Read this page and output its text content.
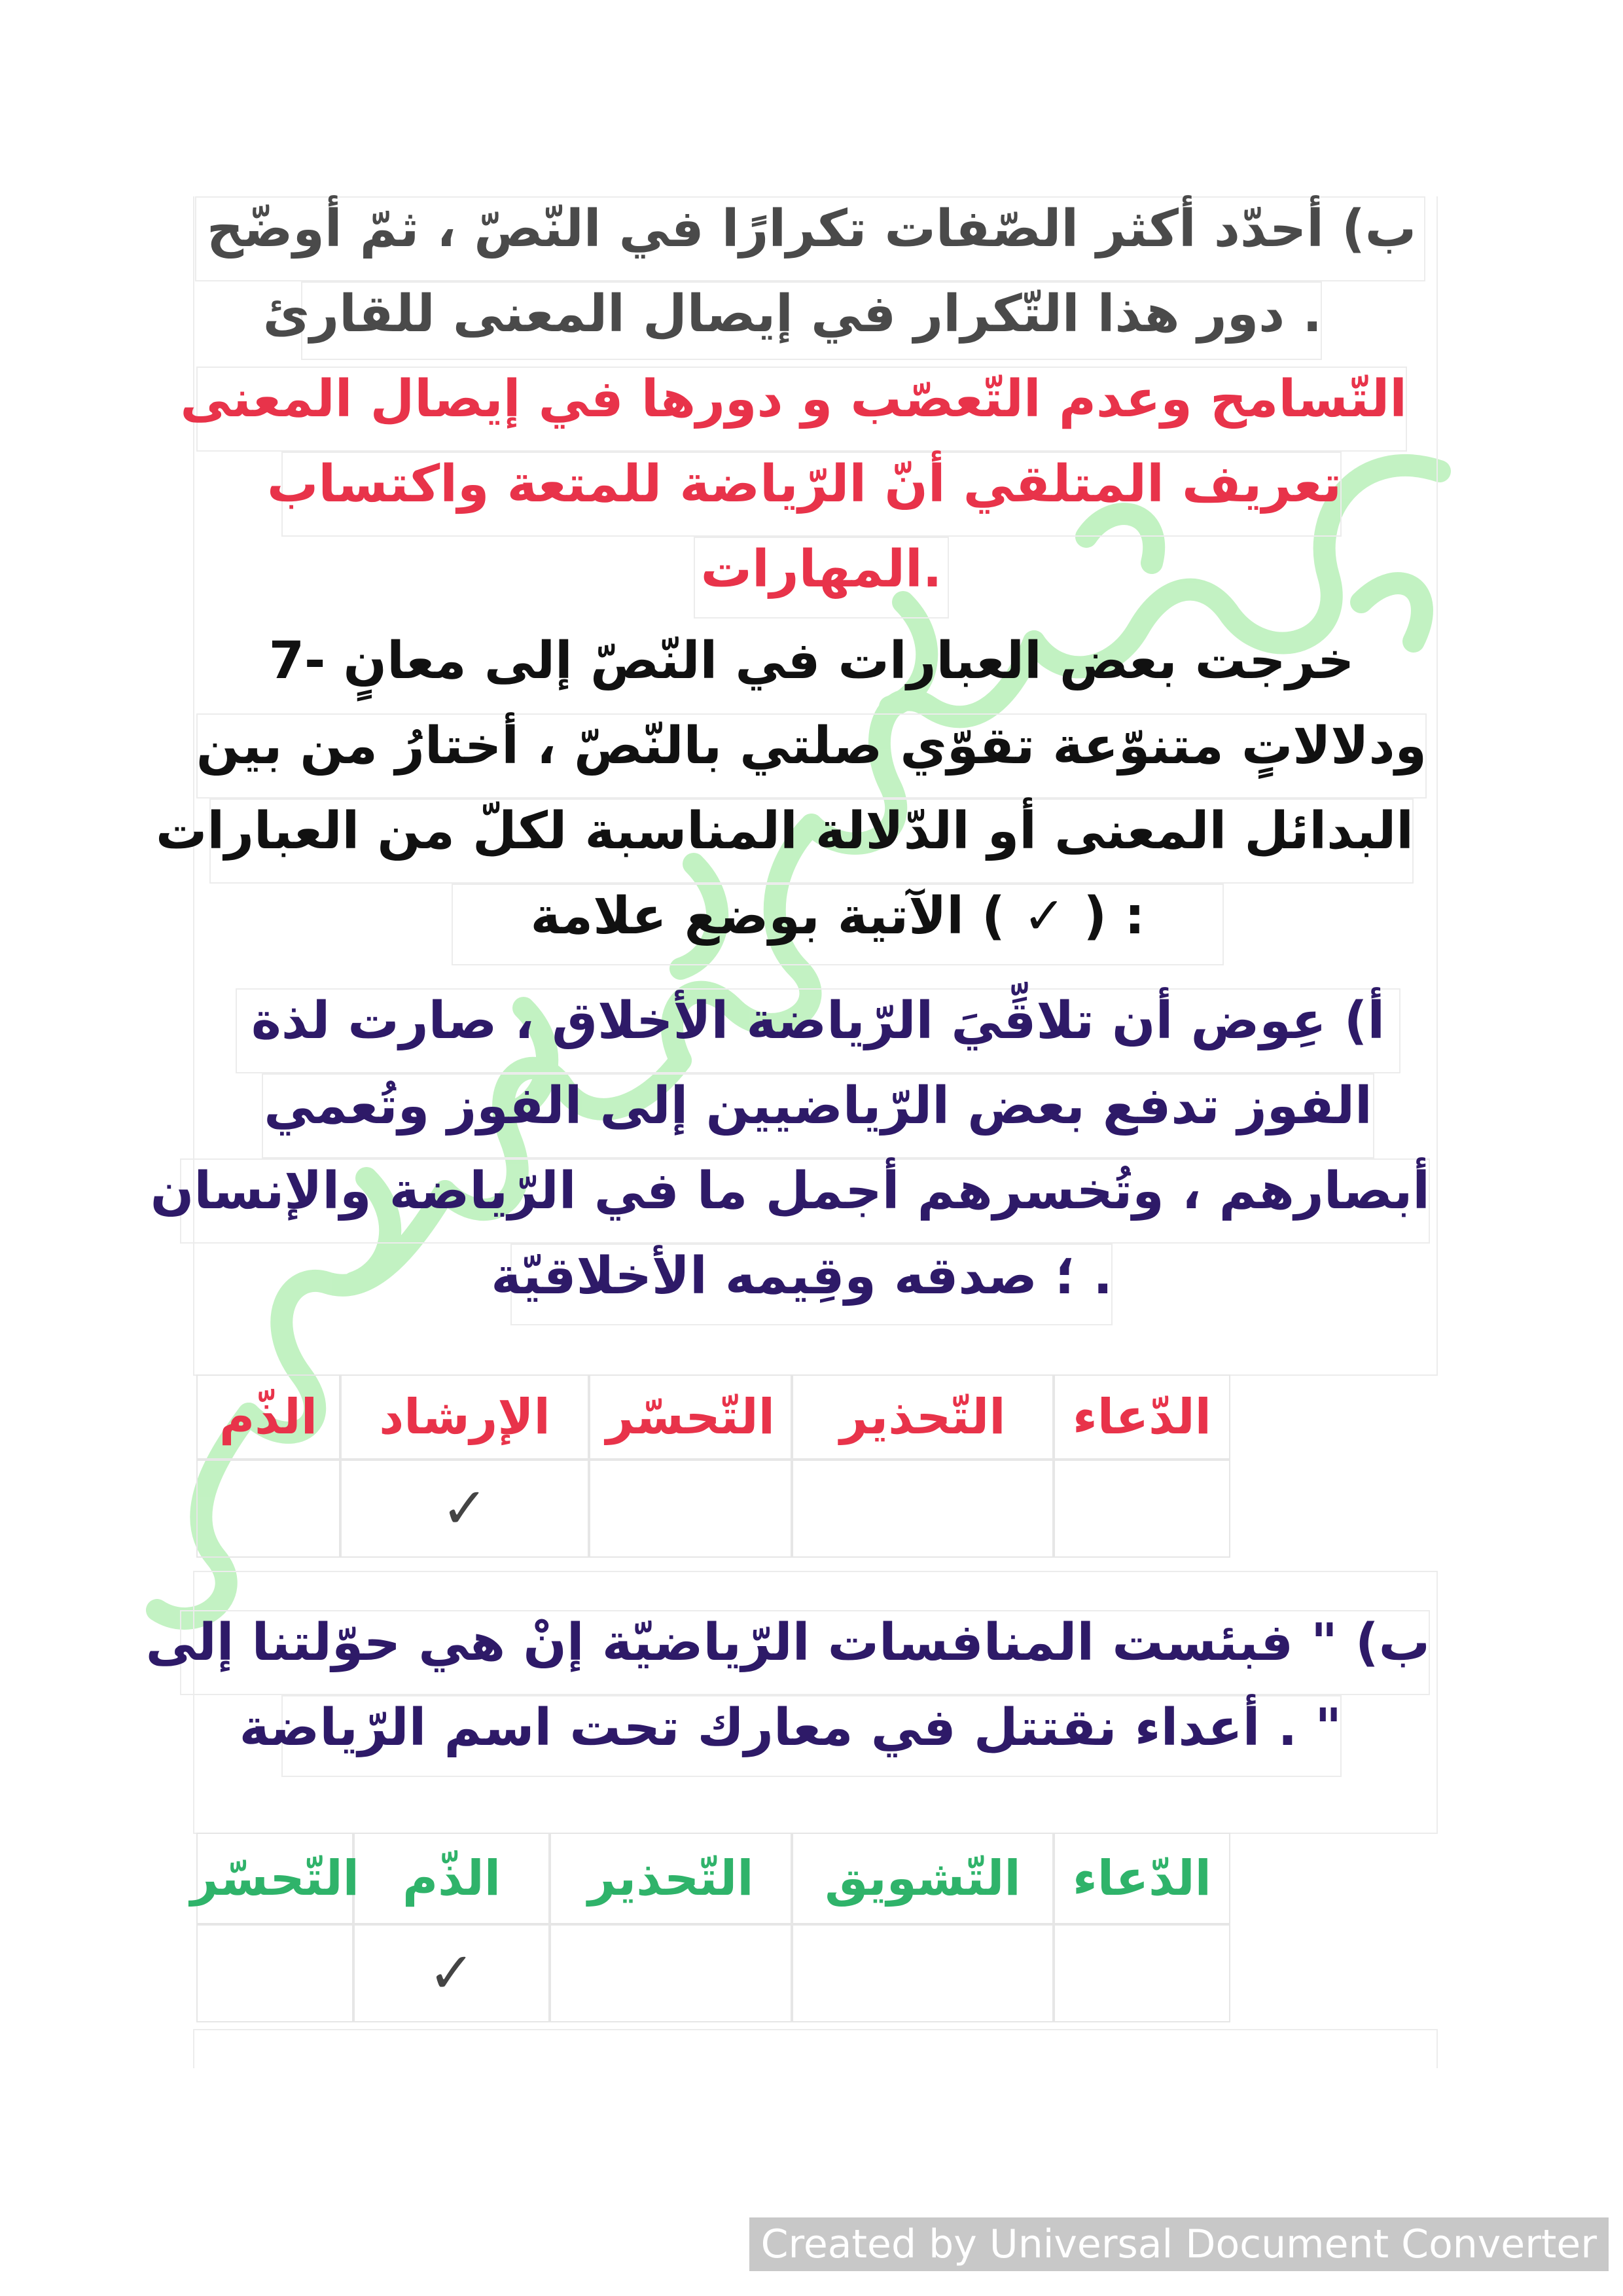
ب) أحدّد أكثر الصّفات تكرارًا في النّصّ ، ثمّ أوضّح
. دور هذا التّكرار في إيصال المعنى للقارئ
التّسامح وعدم التّعصّب و دورها في إيصال المعنى
تعريف المتلقي أنّ الرّياضة للمتعة واكتساب
.المهارات
خرجت بعض العبارات في النّصّ إلى معانٍ -7
ودلالاتٍ متنوّعة تقوّي صلتي بالنّصّ ، أختارُ من بين
البدائل المعنى أو الدّلالة المناسبة لكلّ من العبارات
: ( ✓ ) الآتية بوضع علامة
أ) عِوض أن تلاقِّيَ الرّياضة الأخلاق ، صارت لذة
الفوز تدفع بعض الرّياضيين إلى الفوز وتُعمي
أبصارهم ، وتُخسرهم أجمل ما في الرّياضة والإنسان
. ؛ صدقه وقِيمه الأخلاقيّة
الدّعاء
التّحذير
التّحسّر
الإرشاد
الذّم
✓
ب) " فبئست المنافسات الرّياضيّة إنْ هي حوّلتنا إلى
" . أعداء نقتتل في معارك تحت اسم الرّياضة
الدّعاء
التّشويق
التّحذير
الذّم
التّحسّر
✓
Created by Universal Document Converter
